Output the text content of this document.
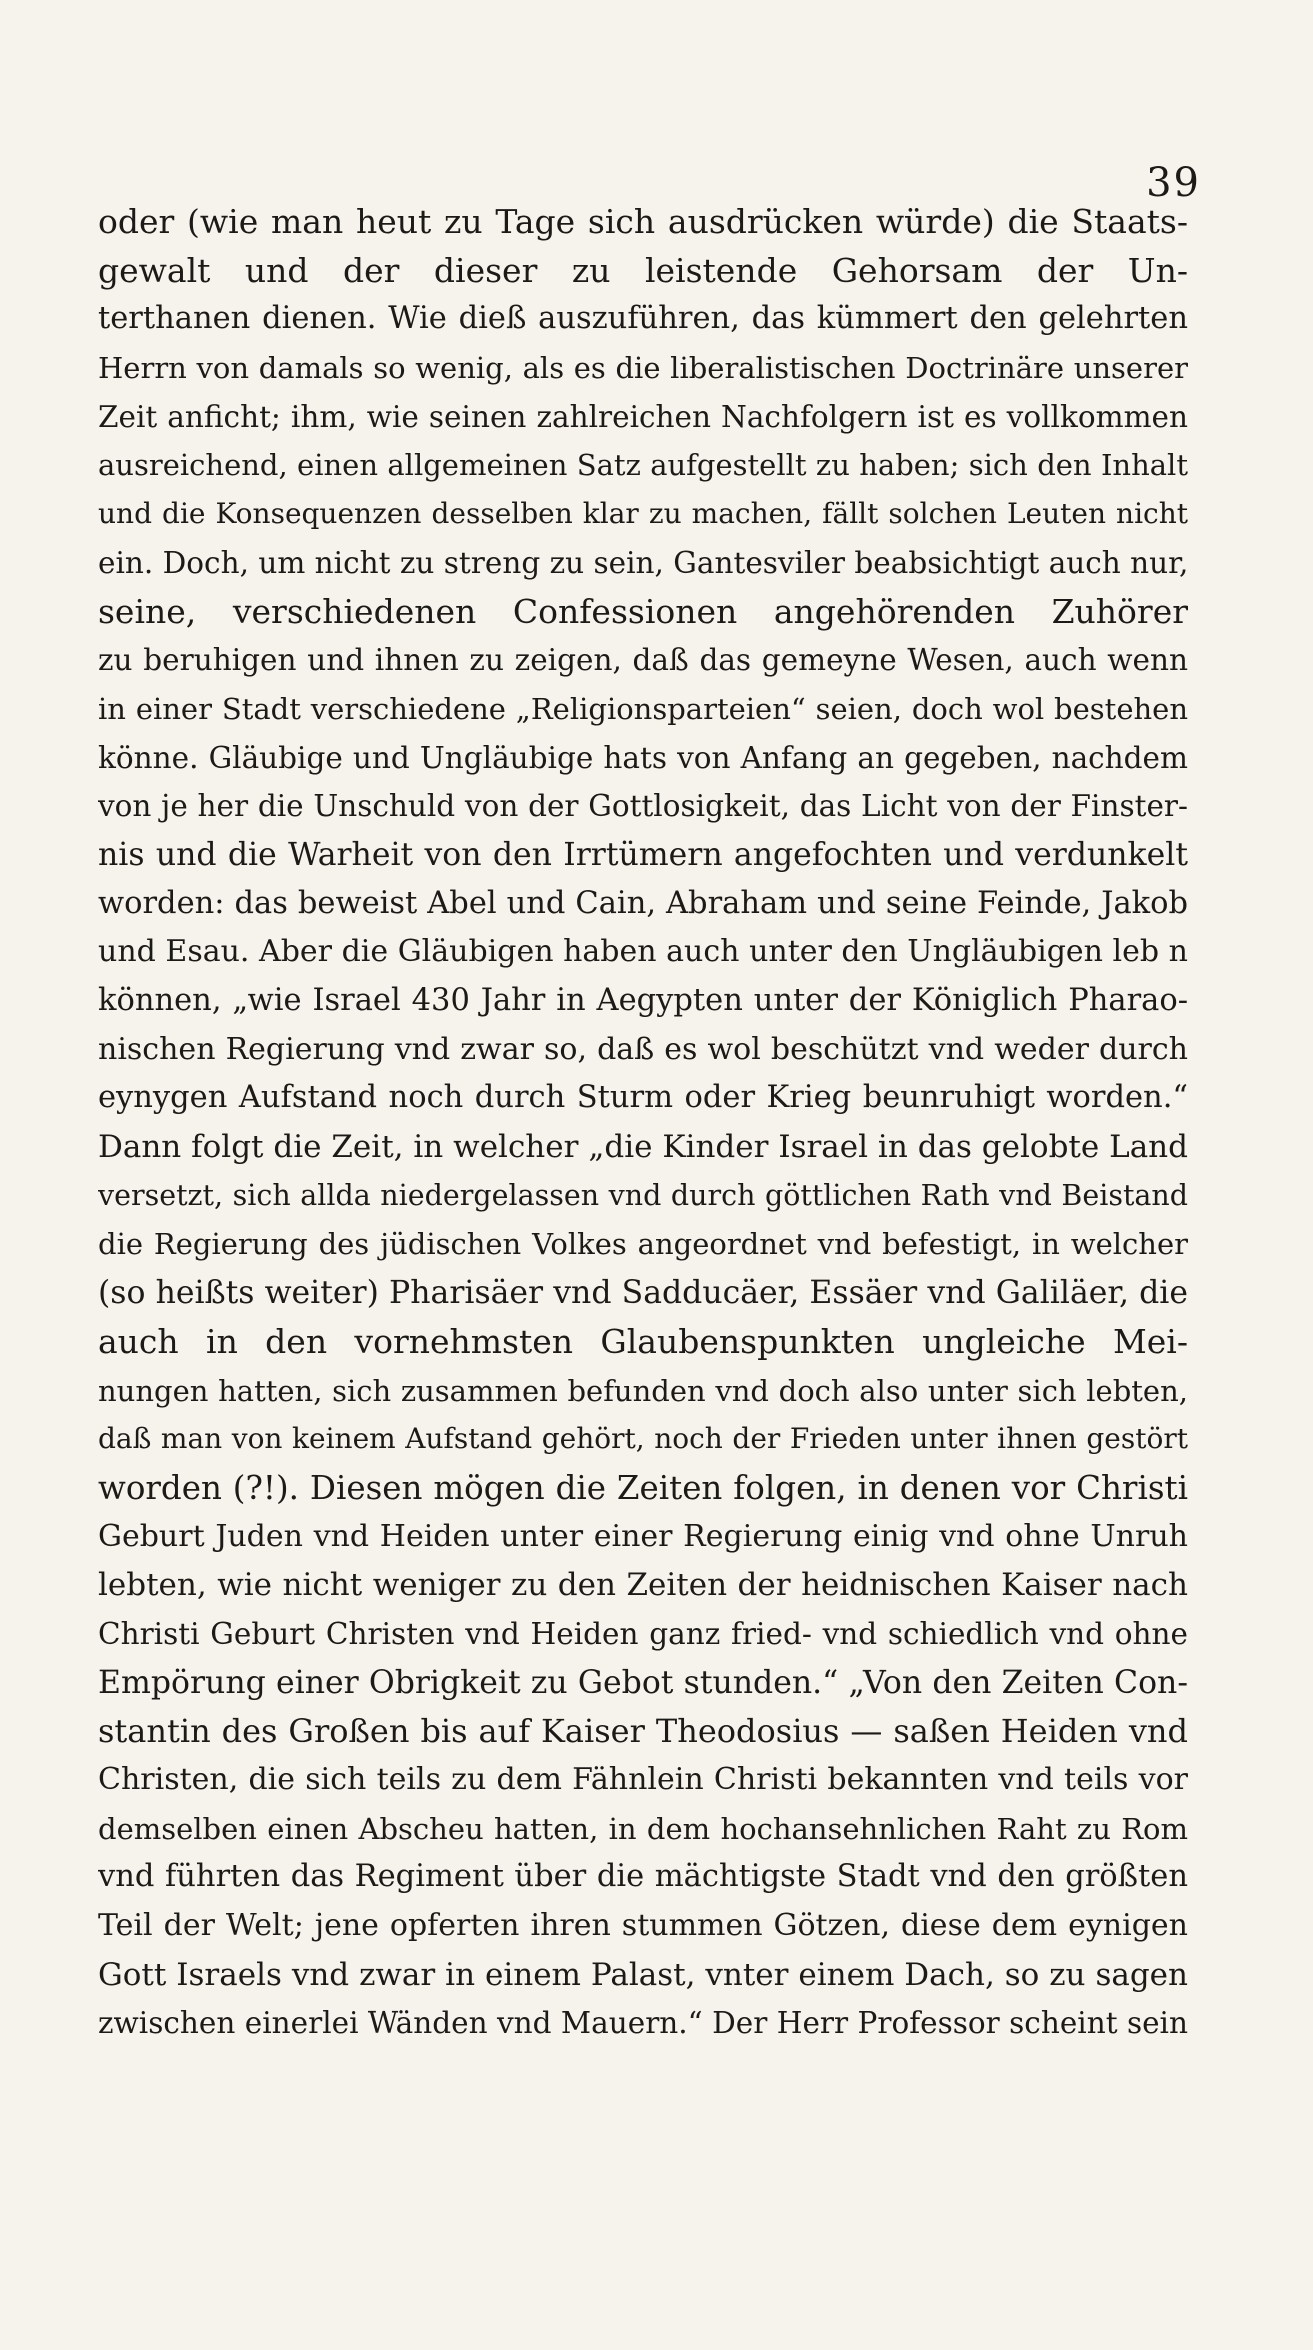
39
oder (wie man heut zu Tage sich ausdrücken würde) die Staats-
gewalt und der dieser zu leistende Gehorsam der Un-
terthanen dienen. Wie dieß auszuführen, das kümmert den gelehrten
Herrn von damals so wenig, als es die liberalistischen Doctrinäre unserer
Zeit anficht; ihm, wie seinen zahlreichen Nachfolgern ist es vollkommen
ausreichend, einen allgemeinen Satz aufgestellt zu haben; sich den Inhalt
und die Konsequenzen desselben klar zu machen, fällt solchen Leuten nicht
ein. Doch, um nicht zu streng zu sein, Gantesviler beabsichtigt auch nur,
seine, verschiedenen Confessionen angehörenden Zuhörer
zu beruhigen und ihnen zu zeigen, daß das gemeyne Wesen, auch wenn
in einer Stadt verschiedene „Religionsparteien“ seien, doch wol bestehen
könne. Gläubige und Ungläubige hats von Anfang an gegeben, nachdem
von je her die Unschuld von der Gottlosigkeit, das Licht von der Finster-
nis und die Warheit von den Irrtümern angefochten und verdunkelt
worden: das beweist Abel und Cain, Abraham und seine Feinde, Jakob
und Esau. Aber die Gläubigen haben auch unter den Ungläubigen leb n
können, „wie Israel 430 Jahr in Aegypten unter der Königlich Pharao-
nischen Regierung vnd zwar so, daß es wol beschützt vnd weder durch
eynygen Aufstand noch durch Sturm oder Krieg beunruhigt worden.“
Dann folgt die Zeit, in welcher „die Kinder Israel in das gelobte Land
versetzt, sich allda niedergelassen vnd durch göttlichen Rath vnd Beistand
die Regierung des jüdischen Volkes angeordnet vnd befestigt, in welcher
(so heißts weiter) Pharisäer vnd Sadducäer, Essäer vnd Galiläer, die
auch in den vornehmsten Glaubenspunkten ungleiche Mei-
nungen hatten, sich zusammen befunden vnd doch also unter sich lebten,
daß man von keinem Aufstand gehört, noch der Frieden unter ihnen gestört
worden (?!). Diesen mögen die Zeiten folgen, in denen vor Christi
Geburt Juden vnd Heiden unter einer Regierung einig vnd ohne Unruh
lebten, wie nicht weniger zu den Zeiten der heidnischen Kaiser nach
Christi Geburt Christen vnd Heiden ganz fried- vnd schiedlich vnd ohne
Empörung einer Obrigkeit zu Gebot stunden.“ „Von den Zeiten Con-
stantin des Großen bis auf Kaiser Theodosius — saßen Heiden vnd
Christen, die sich teils zu dem Fähnlein Christi bekannten vnd teils vor
demselben einen Abscheu hatten, in dem hochansehnlichen Raht zu Rom
vnd führten das Regiment über die mächtigste Stadt vnd den größten
Teil der Welt; jene opferten ihren stummen Götzen, diese dem eynigen
Gott Israels vnd zwar in einem Palast, vnter einem Dach, so zu sagen
zwischen einerlei Wänden vnd Mauern.“ Der Herr Professor scheint sein
